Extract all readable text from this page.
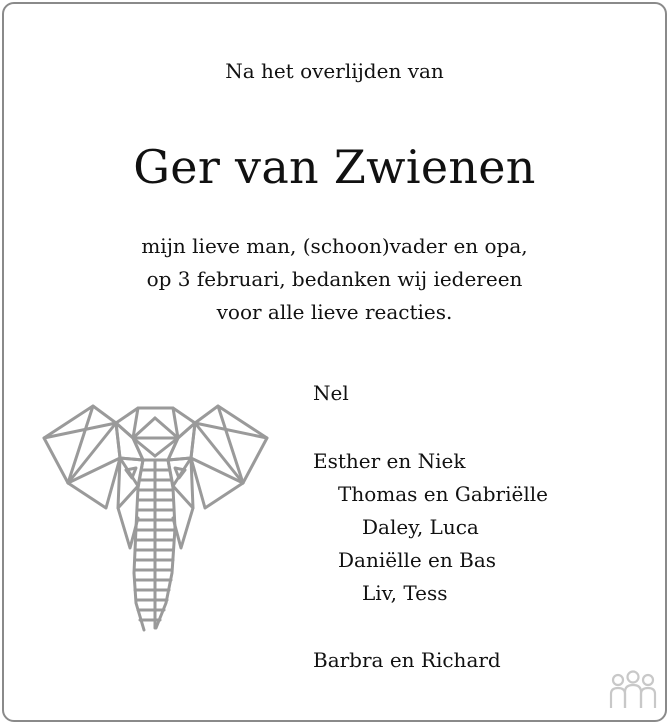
Na het overlijden van
Ger van Zwienen
mijn lieve man, (schoon)vader en opa,
op 3 februari, bedanken wij iedereen
voor alle lieve reacties.
Nel
Esther en Niek
Thomas en Gabriëlle
Daley, Luca
Daniëlle en Bas
Liv, Tess
Barbra en Richard
